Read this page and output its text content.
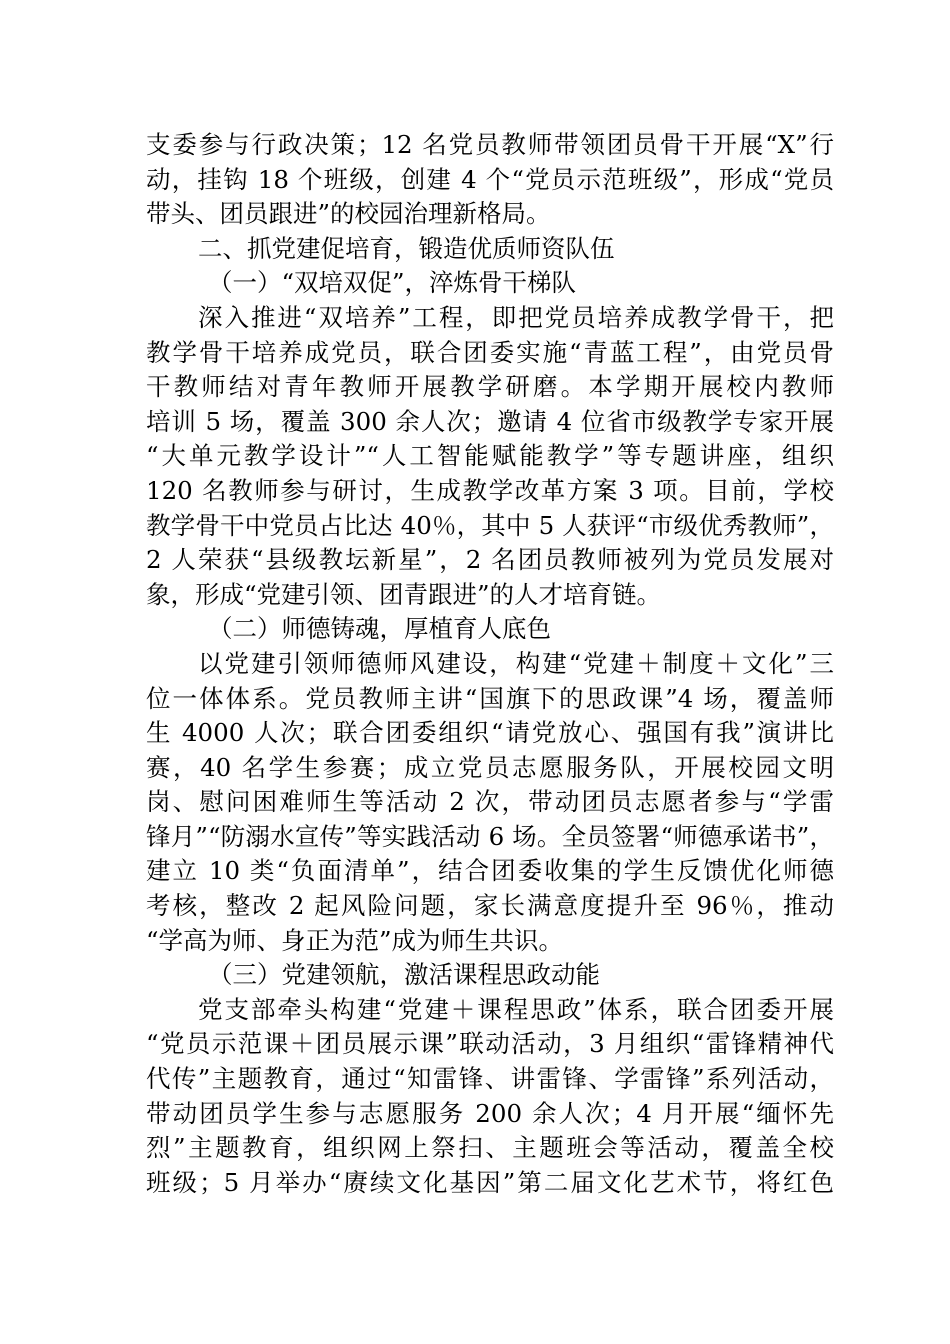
支委参与行政决策；12 名党员教师带领团员骨干开展“X”行
动，挂钩 18 个班级，创建 4 个“党员示范班级”，形成“党员
带头、团员跟进”的校园治理新格局。
二、抓党建促培育，锻造优质师资队伍
（一）“双培双促”，淬炼骨干梯队
深入推进“双培养”工程，即把党员培养成教学骨干，把
教学骨干培养成党员，联合团委实施“青蓝工程”，由党员骨
干教师结对青年教师开展教学研磨。本学期开展校内教师
培训 5 场，覆盖 300 余人次；邀请 4 位省市级教学专家开展
“大单元教学设计”“人工智能赋能教学”等专题讲座，组织
120 名教师参与研讨，生成教学改革方案 3 项。目前，学校
教学骨干中党员占比达 40％，其中 5 人获评“市级优秀教师”，
2 人荣获“县级教坛新星”，2 名团员教师被列为党员发展对
象，形成“党建引领、团青跟进”的人才培育链。
（二）师德铸魂，厚植育人底色
以党建引领师德师风建设，构建“党建＋制度＋文化”三
位一体体系。党员教师主讲“国旗下的思政课”4 场，覆盖师
生 4000 人次；联合团委组织“请党放心、强国有我”演讲比
赛，40 名学生参赛；成立党员志愿服务队，开展校园文明
岗、慰问困难师生等活动 2 次，带动团员志愿者参与“学雷
锋月”“防溺水宣传”等实践活动 6 场。全员签署“师德承诺书”，
建立 10 类“负面清单”，结合团委收集的学生反馈优化师德
考核，整改 2 起风险问题，家长满意度提升至 96％，推动
“学高为师、身正为范”成为师生共识。
（三）党建领航，激活课程思政动能
党支部牵头构建“党建＋课程思政”体系，联合团委开展
“党员示范课＋团员展示课”联动活动，3 月组织“雷锋精神代
代传”主题教育，通过“知雷锋、讲雷锋、学雷锋”系列活动，
带动团员学生参与志愿服务 200 余人次；4 月开展“缅怀先
烈”主题教育，组织网上祭扫、主题班会等活动，覆盖全校
班级；5 月举办“赓续文化基因”第二届文化艺术节，将红色
